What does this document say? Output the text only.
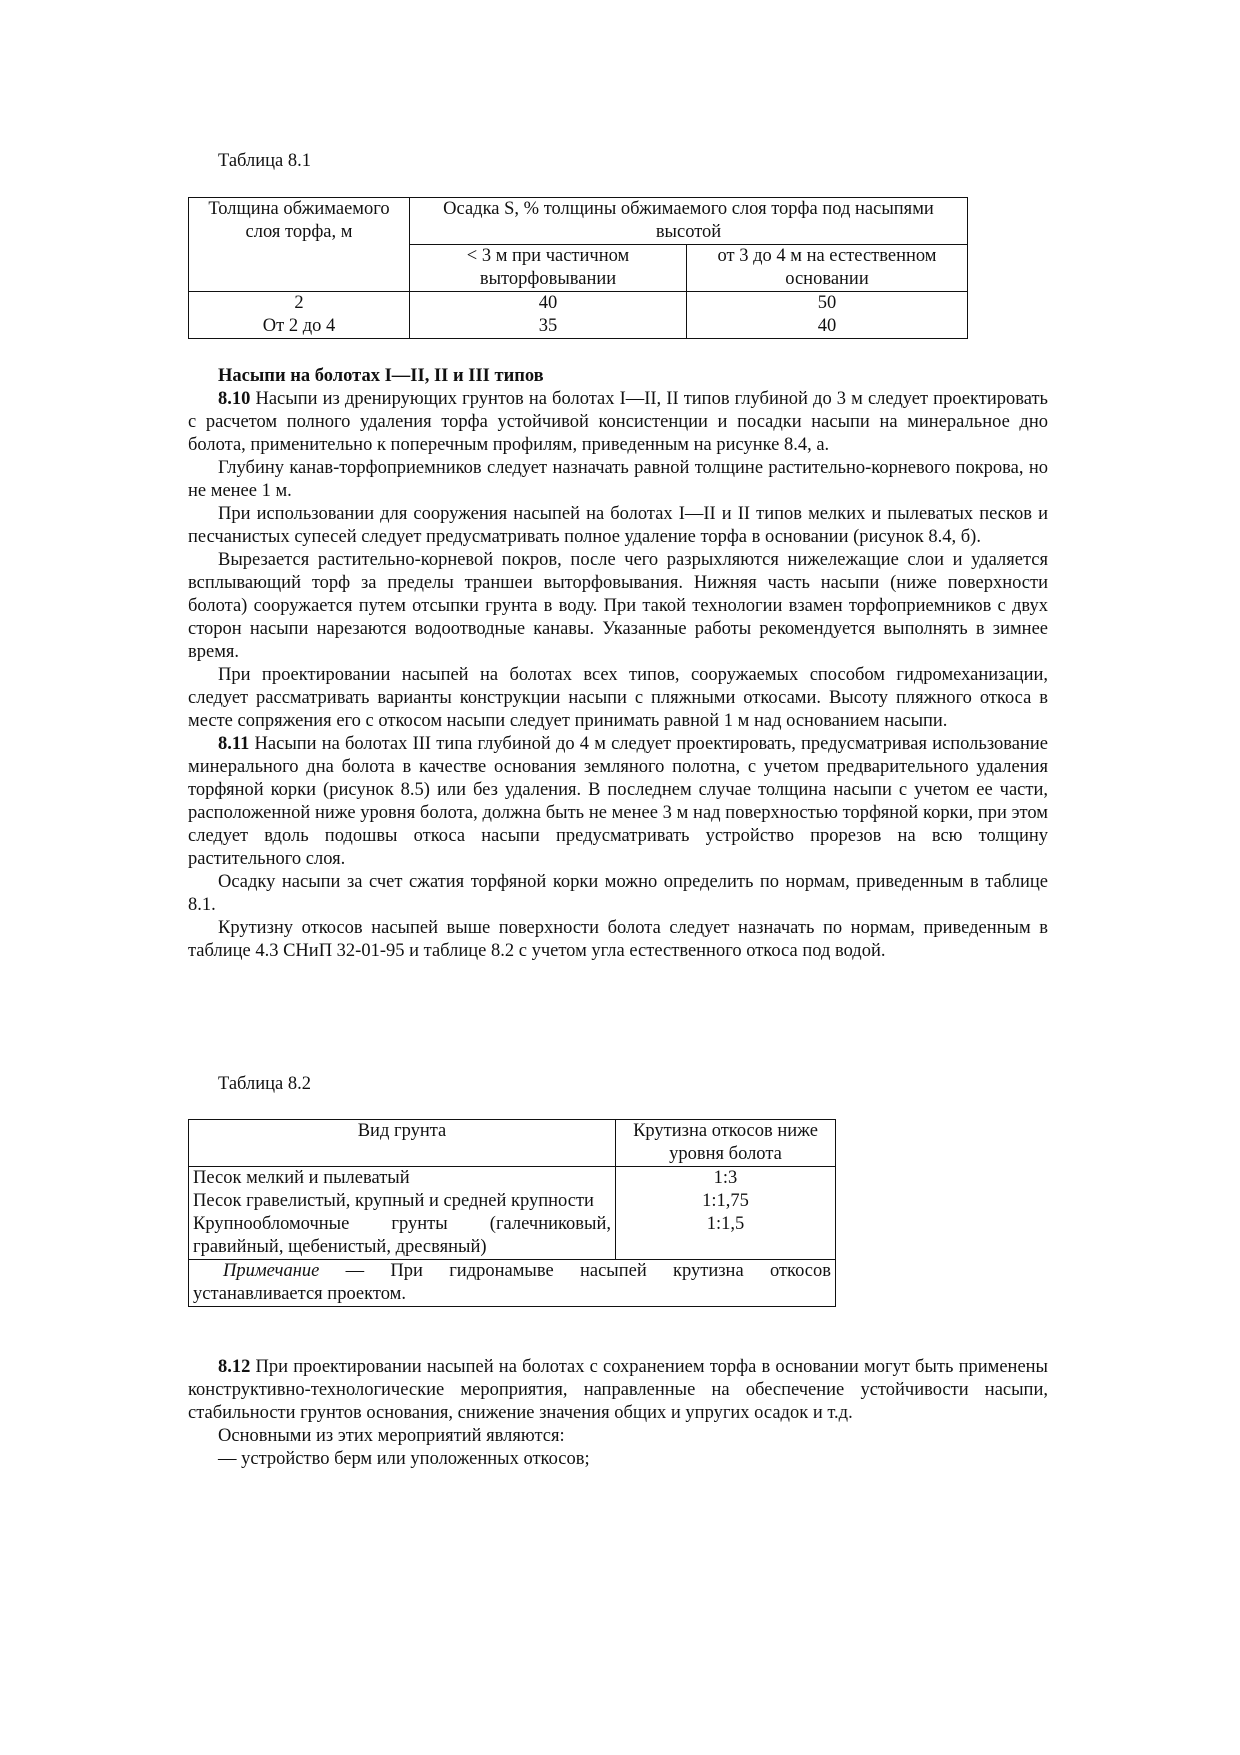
Таблица 8.1
Толщина обжимаемого слоя торфа, м	Осадка S, % толщины обжимаемого слоя торфа под насыпями высотой	
	< 3 м при частичном выторфовывании	от 3 до 4 м на естественном основании
2	40	50
От 2 до 4	35	40

Насыпи на болотах I—II, II и III типов

8.10 Насыпи из дренирующих грунтов на болотах I—II, II типов глубиной до 3 м следует проектировать с расчетом полного удаления торфа устойчивой консистенции и посадки насыпи на минеральное дно болота, применительно к поперечным профилям, приведенным на рисунке 8.4, а.

Глубину канав-торфоприемников следует назначать равной толщине растительно-корневого покрова, но не менее 1 м.

При использовании для сооружения насыпей на болотах I—II и II типов мелких и пылеватых песков и песчанистых супесей следует предусматривать полное удаление торфа в основании (рисунок 8.4, б).

Вырезается растительно-корневой покров, после чего разрыхляются нижележащие слои и удаляется всплывающий торф за пределы траншеи выторфовывания. Нижняя часть насыпи (ниже поверхности болота) сооружается путем отсыпки грунта в воду. При такой технологии взамен торфоприемников с двух сторон насыпи нарезаются водоотводные канавы. Указанные работы рекомендуется выполнять в зимнее время.

При проектировании насыпей на болотах всех типов, сооружаемых способом гидромеханизации, следует рассматривать варианты конструкции насыпи с пляжными откосами. Высоту пляжного откоса в месте сопряжения его с откосом насыпи следует принимать равной 1 м над основанием насыпи.

8.11 Насыпи на болотах III типа глубиной до 4 м следует проектировать, предусматривая использование минерального дна болота в качестве основания земляного полотна, с учетом предварительного удаления торфяной корки (рисунок 8.5) или без удаления. В последнем случае толщина насыпи с учетом ее части, расположенной ниже уровня болота, должна быть не менее 3 м над поверхностью торфяной корки, при этом следует вдоль подошвы откоса насыпи предусматривать устройство прорезов на всю толщину растительного слоя.

Осадку насыпи за счет сжатия торфяной корки можно определить по нормам, приведенным в таблице 8.1.

Крутизну откосов насыпей выше поверхности болота следует назначать по нормам, приведенным в таблице 4.3 СНиП 32-01-95 и таблице 8.2 с учетом угла естественного откоса под водой.

Таблица 8.2
Вид грунта	Крутизна откосов ниже уровня болота
Песок мелкий и пылеватый	1:3
Песок гравелистый, крупный и средней крупности	1:1,75
Крупнообломочные грунты (галечниковый, гравийный, щебенистый, дресвяный)	1:1,5
Примечание — При гидронамыве насыпей крутизна откосов устанавливается проектом.	

8.12 При проектировании насыпей на болотах с сохранением торфа в основании могут быть применены конструктивно-технологические мероприятия, направленные на обеспечение устойчивости насыпи, стабильности грунтов основания, снижение значения общих и упругих осадок и т.д.

Основными из этих мероприятий являются:

— устройство берм или уположенных откосов;
